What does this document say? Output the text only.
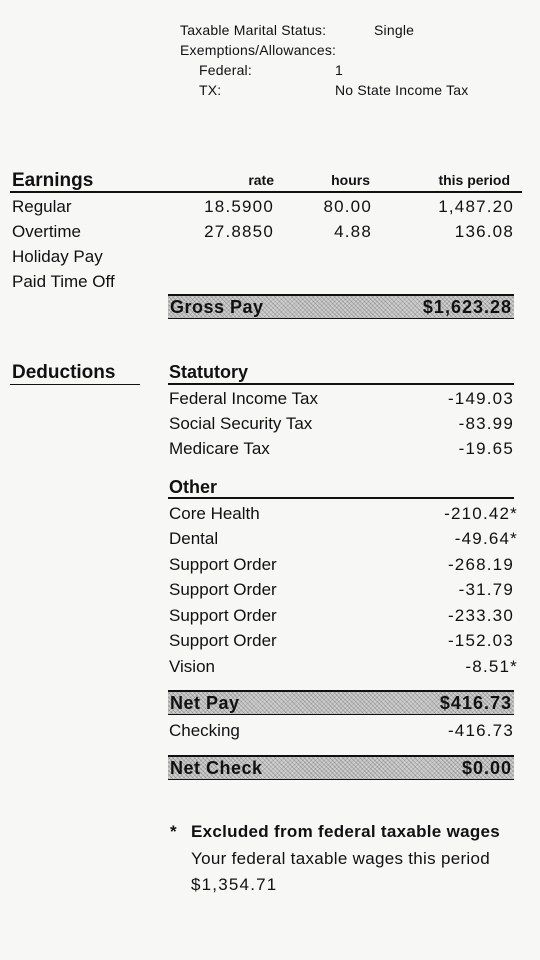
Taxable Marital Status:	Single
Exemptions/Allowances:
Federal:	1
TX:	No State Income Tax
Earnings	rate	hours	this period
Regular	18.5900	80.00	1,487.20
Overtime	27.8850	4.88	136.08
Holiday Pay
Paid Time Off
Gross Pay	$1,623.28
Deductions	Statutory
Federal Income Tax	-149.03
Social Security Tax	-83.99
Medicare Tax	-19.65
Other
Core Health	-210.42*
Dental	-49.64*
Support Order	-268.19
Support Order	-31.79
Support Order	-233.30
Support Order	-152.03
Vision	-8.51*
Net Pay	$416.73
Checking	-416.73
Net Check	$0.00
* Excluded from federal taxable wages
Your federal taxable wages this period
$1,354.71
